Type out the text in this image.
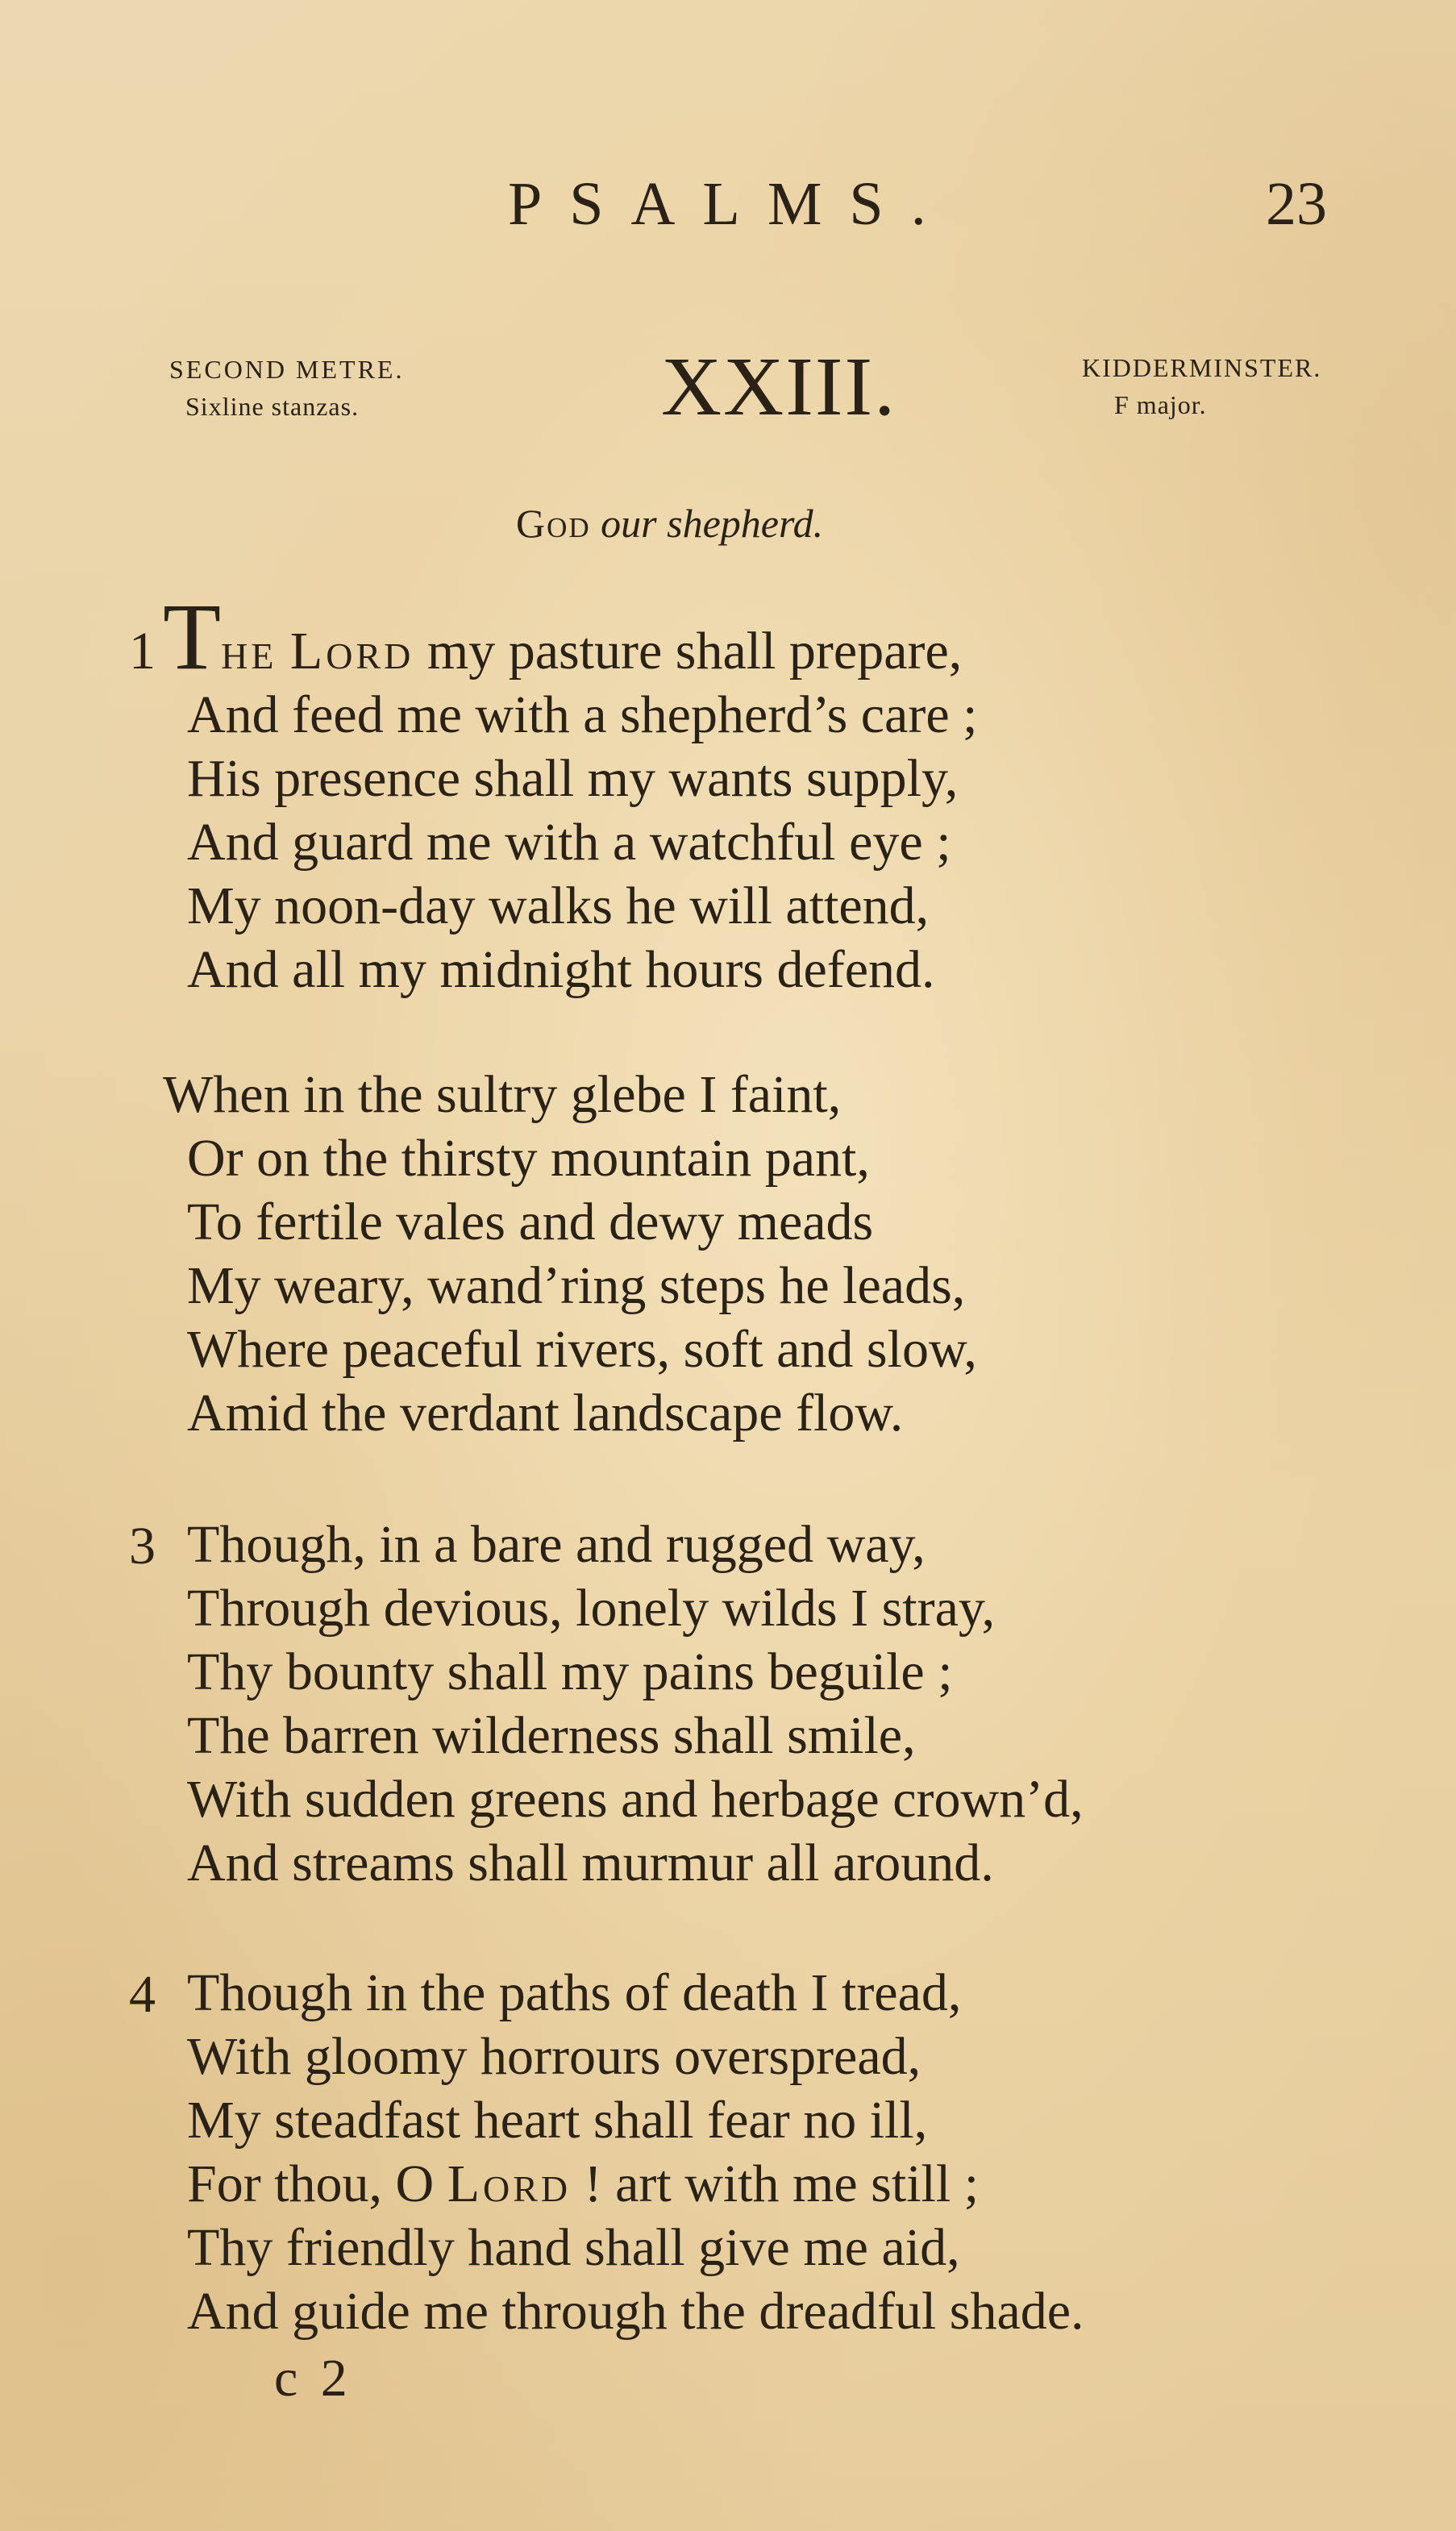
PSALMS.	23
SECOND METRE.
Sixline stanzas.	XXIII.	KIDDERMINSTER.
F major.
God our shepherd.
1 The Lord my pasture shall prepare,
And feed me with a shepherd’s care ;
His presence shall my wants supply,
And guard me with a watchful eye ;
My noon-day walks he will attend,
And all my midnight hours defend.
When in the sultry glebe I faint,
Or on the thirsty mountain pant,
To fertile vales and dewy meads
My weary, wand’ring steps he leads,
Where peaceful rivers, soft and slow,
Amid the verdant landscape flow.
3 Though, in a bare and rugged way,
Through devious, lonely wilds I stray,
Thy bounty shall my pains beguile ;
The barren wilderness shall smile,
With sudden greens and herbage crown’d,
And streams shall murmur all around.
4 Though in the paths of death I tread,
With gloomy horrours overspread,
My steadfast heart shall fear no ill,
For thou, O Lord ! art with me still ;
Thy friendly hand shall give me aid,
And guide me through the dreadful shade.
c 2
